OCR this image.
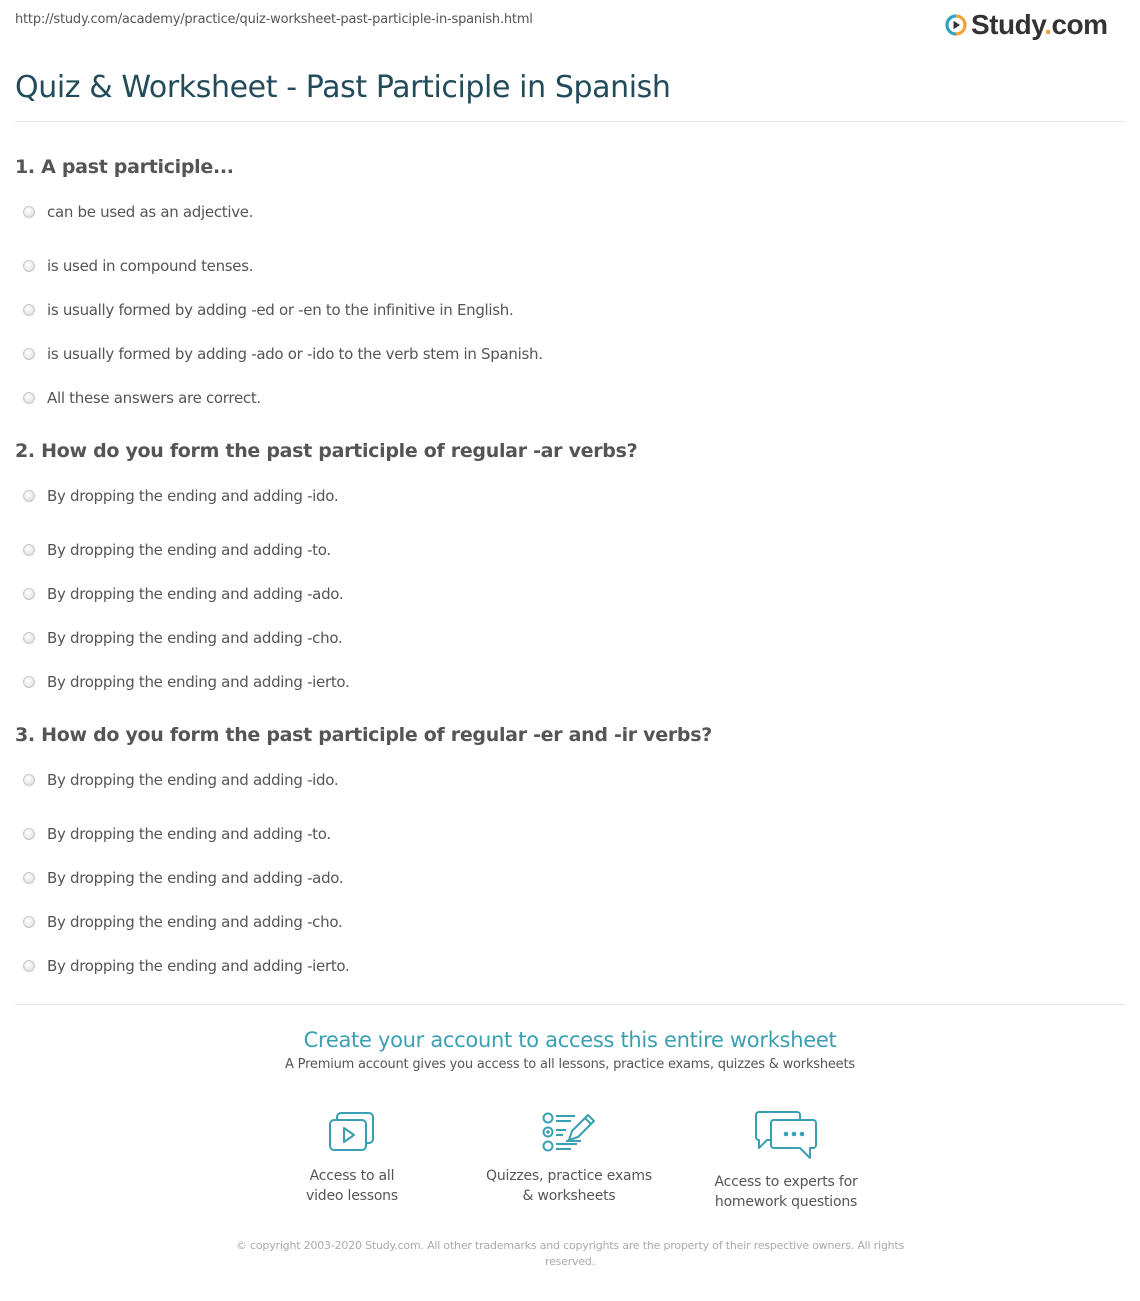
http://study.com/academy/practice/quiz-worksheet-past-participle-in-spanish.html	Study.com
Quiz & Worksheet - Past Participle in Spanish
1. A past participle...
can be used as an adjective.
is used in compound tenses.
is usually formed by adding -ed or -en to the infinitive in English.
is usually formed by adding -ado or -ido to the verb stem in Spanish.
All these answers are correct.
2. How do you form the past participle of regular -ar verbs?
By dropping the ending and adding -ido.
By dropping the ending and adding -to.
By dropping the ending and adding -ado.
By dropping the ending and adding -cho.
By dropping the ending and adding -ierto.
3. How do you form the past participle of regular -er and -ir verbs?
By dropping the ending and adding -ido.
By dropping the ending and adding -to.
By dropping the ending and adding -ado.
By dropping the ending and adding -cho.
By dropping the ending and adding -ierto.
Create your account to access this entire worksheet
A Premium account gives you access to all lessons, practice exams, quizzes & worksheets
Access to all
video lessons
Quizzes, practice exams
& worksheets
Access to experts for
homework questions
© copyright 2003-2020 Study.com. All other trademarks and copyrights are the property of their respective owners. All rights reserved.
